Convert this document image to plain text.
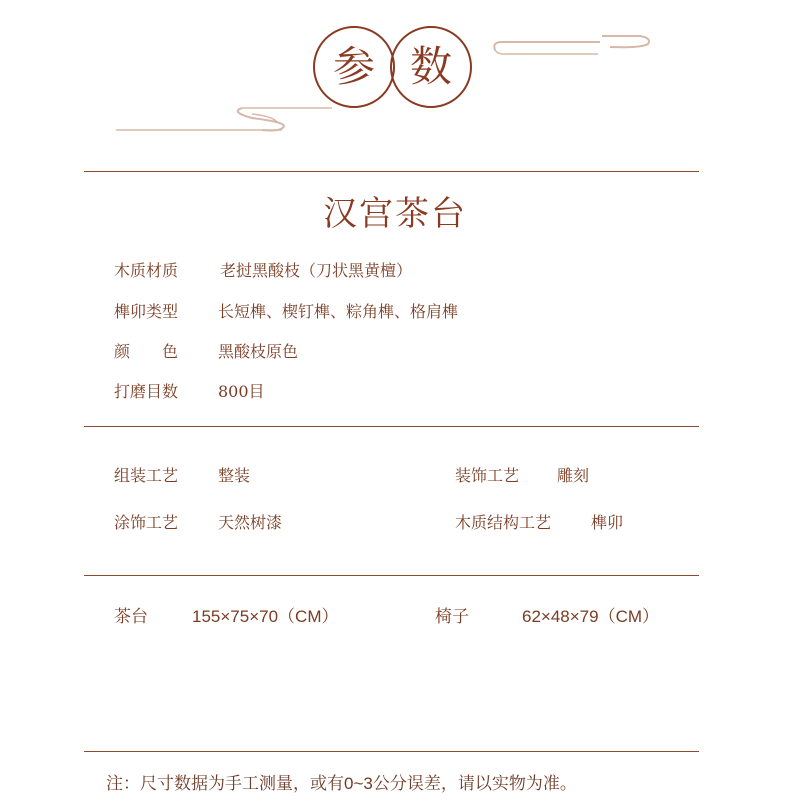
参 数
汉宫茶台
木质材质	老挝黑酸枝（刀状黑黄檀）
榫卯类型 长短榫、楔钉榫、粽角榫、格肩榫
颜　　色 黑酸枝原色
打磨目数 800目
组装工艺 整装	装饰工艺 雕刻
涂饰工艺 天然树漆	木质结构工艺 榫卯
茶台	155×75×70（CM）	椅子	62×48×79（CM）
注：尺寸数据为手工测量，或有0~3公分误差，请以实物为准。
